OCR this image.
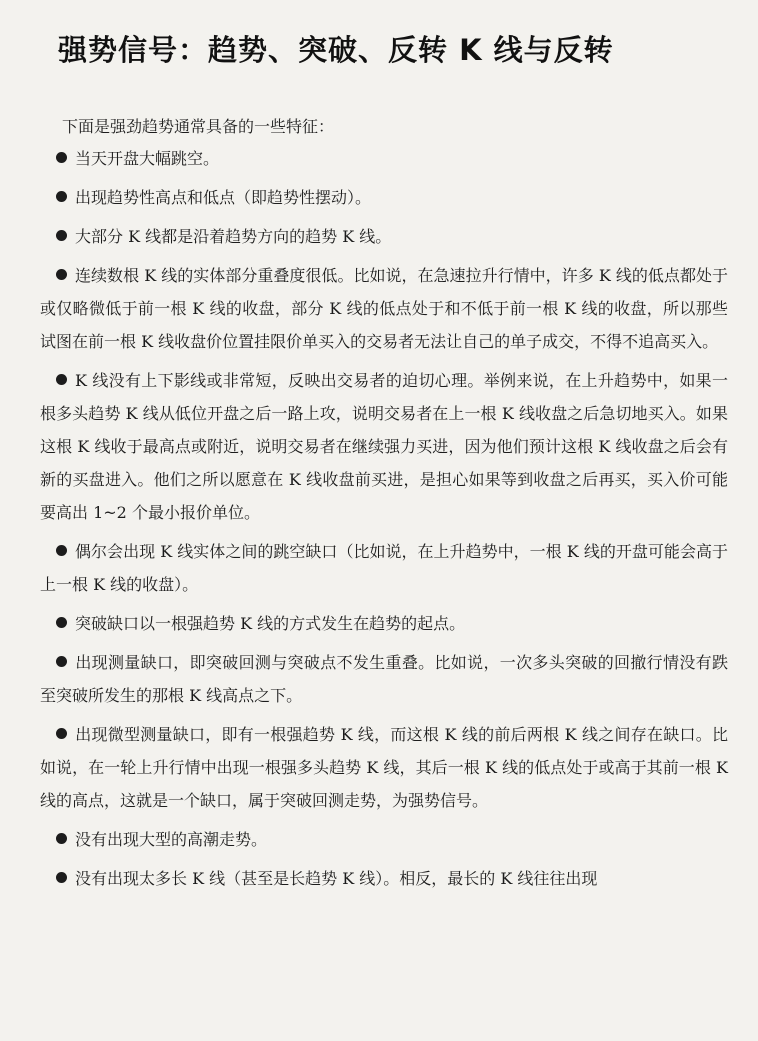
强势信号：趋势、突破、反转 K 线与反转
下面是强劲趋势通常具备的一些特征：
当天开盘大幅跳空。
出现趋势性高点和低点（即趋势性摆动）。
大部分 K 线都是沿着趋势方向的趋势 K 线。
连续数根 K 线的实体部分重叠度很低。比如说，在急速拉升行情中，许多 K 线的低点都处于或仅略微低于前一根 K 线的收盘，部分 K 线的低点处于和不低于前一根 K 线的收盘，所以那些试图在前一根 K 线收盘价位置挂限价单买入的交易者无法让自己的单子成交，不得不追高买入。
K 线没有上下影线或非常短，反映出交易者的迫切心理。举例来说，在上升趋势中，如果一根多头趋势 K 线从低位开盘之后一路上攻，说明交易者在上一根 K 线收盘之后急切地买入。如果这根 K 线收于最高点或附近，说明交易者在继续强力买进，因为他们预计这根 K 线收盘之后会有新的买盘进入。他们之所以愿意在 K 线收盘前买进，是担心如果等到收盘之后再买，买入价可能要高出 1~2 个最小报价单位。
偶尔会出现 K 线实体之间的跳空缺口（比如说，在上升趋势中，一根 K 线的开盘可能会高于上一根 K 线的收盘）。
突破缺口以一根强趋势 K 线的方式发生在趋势的起点。
出现测量缺口，即突破回测与突破点不发生重叠。比如说，一次多头突破的回撤行情没有跌至突破所发生的那根 K 线高点之下。
出现微型测量缺口，即有一根强趋势 K 线，而这根 K 线的前后两根 K 线之间存在缺口。比如说，在一轮上升行情中出现一根强多头趋势 K 线，其后一根 K 线的低点处于或高于其前一根 K 线的高点，这就是一个缺口，属于突破回测走势，为强势信号。
没有出现大型的高潮走势。
没有出现太多长 K 线（甚至是长趋势 K 线）。相反，最长的 K 线往往出现
